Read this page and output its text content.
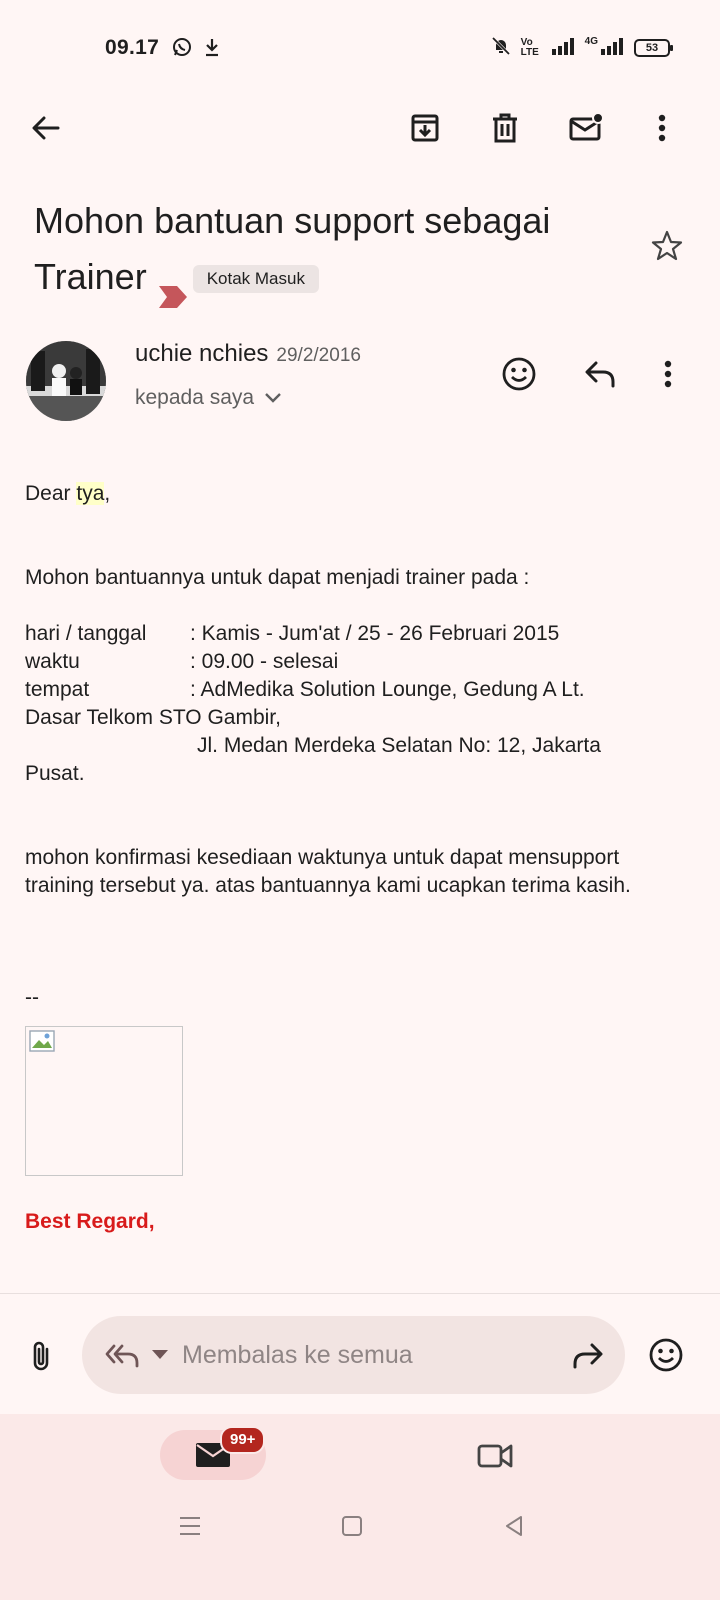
09.17	Vo LTE
4G	53
Mohon bantuan support sebagai Trainer	Kotak Masuk
uchie nchies 29/2/2016
kepada saya

Dear tya,

Mohon bantuannya untuk dapat menjadi trainer pada :

hari / tanggal	: Kamis - Jum'at / 25 - 26 Februari 2015
waktu	: 09.00 - selesai
tempat	: AdMedika Solution Lounge, Gedung A Lt.

Dasar Telkom STO Gambir,

Jl. Medan Merdeka Selatan No: 12, Jakarta

Pusat.

mohon konfirmasi kesediaan waktunya untuk dapat mensupport training tersebut ya. atas bantuannya kami ucapkan terima kasih.

--

Best Regard,

Membalas ke semua
99+
